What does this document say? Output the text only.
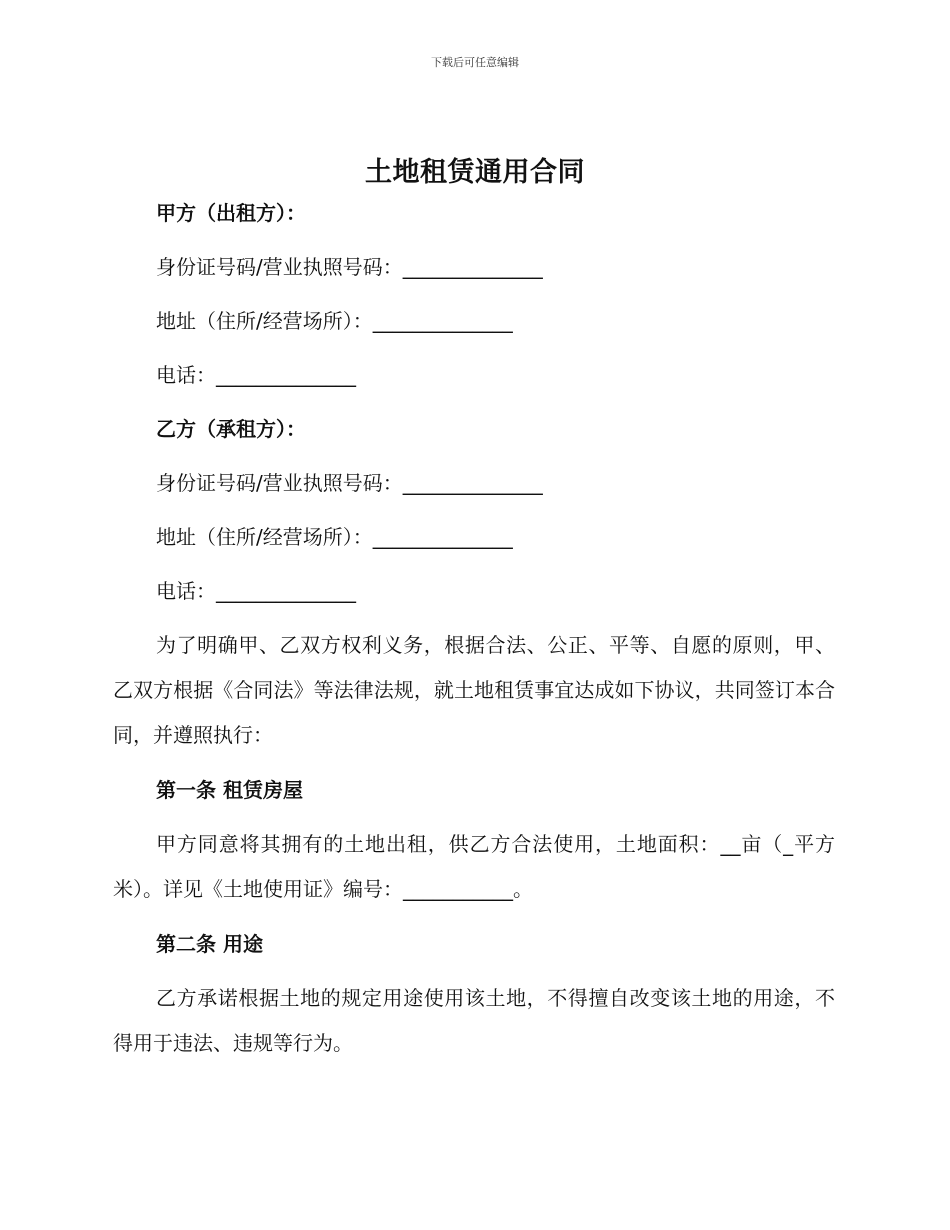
下载后可任意编辑
土地租赁通用合同
甲方（出租方）：
身份证号码/营业执照号码：______________
地址（住所/经营场所）：______________
电话：______________
乙方（承租方）：
身份证号码/营业执照号码：______________
地址（住所/经营场所）：______________
电话：______________
为了明确甲、乙双方权利义务，根据合法、公正、平等、自愿的原则，甲、乙双方根据《合同法》等法律法规，就土地租赁事宜达成如下协议，共同签订本合同，并遵照执行：
第一条 租赁房屋
甲方同意将其拥有的土地出租，供乙方合法使用，土地面积：__亩（_平方米）。详见《土地使用证》编号：___________。
第二条 用途
乙方承诺根据土地的规定用途使用该土地，不得擅自改变该土地的用途，不得用于违法、违规等行为。
